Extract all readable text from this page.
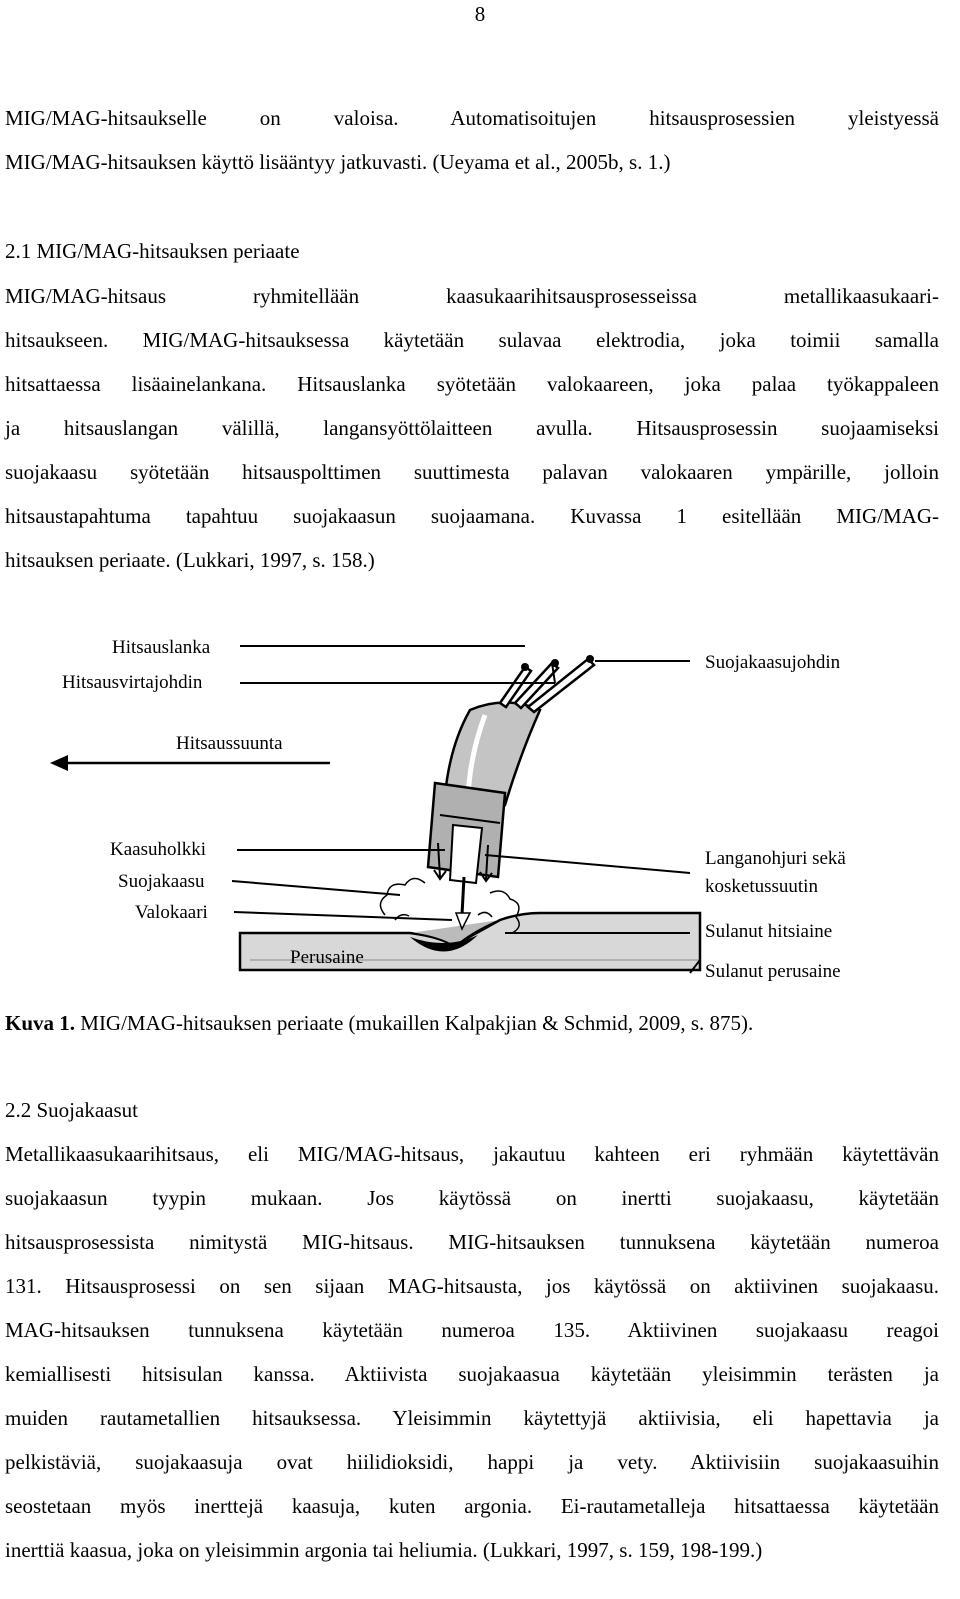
8
MIG/MAG-hitsaukselle on valoisa. Automatisoitujen hitsausprosessien yleistyessä
MIG/MAG-hitsauksen käyttö lisääntyy jatkuvasti. (Ueyama et al., 2005b, s. 1.)
2.1 MIG/MAG-hitsauksen periaate
MIG/MAG-hitsaus ryhmitellään kaasukaarihitsausprosesseissa metallikaasukaari-
hitsaukseen. MIG/MAG-hitsauksessa käytetään sulavaa elektrodia, joka toimii samalla
hitsattaessa lisäainelankana. Hitsauslanka syötetään valokaareen, joka palaa työkappaleen
ja hitsauslangan välillä, langansyöttölaitteen avulla. Hitsausprosessin suojaamiseksi
suojakaasu syötetään hitsauspolttimen suuttimesta palavan valokaaren ympärille, jolloin
hitsaustapahtuma tapahtuu suojakaasun suojaamana. Kuvassa 1 esitellään MIG/MAG-
hitsauksen periaate. (Lukkari, 1997, s. 158.)
Hitsauslanka
Hitsausvirtajohdin
Hitsaussuunta
Kaasuholkki
Suojakaasu
Valokaari
Perusaine
Suojakaasujohdin
Langanohjuri sekä
kosketussuutin
Sulanut hitsiaine
Sulanut perusaine
Kuva 1. MIG/MAG-hitsauksen periaate (mukaillen Kalpakjian & Schmid, 2009, s. 875).
2.2 Suojakaasut
Metallikaasukaarihitsaus, eli MIG/MAG-hitsaus, jakautuu kahteen eri ryhmään käytettävän
suojakaasun tyypin mukaan. Jos käytössä on inertti suojakaasu, käytetään
hitsausprosessista nimitystä MIG-hitsaus. MIG-hitsauksen tunnuksena käytetään numeroa
131. Hitsausprosessi on sen sijaan MAG-hitsausta, jos käytössä on aktiivinen suojakaasu.
MAG-hitsauksen tunnuksena käytetään numeroa 135. Aktiivinen suojakaasu reagoi
kemiallisesti hitsisulan kanssa. Aktiivista suojakaasua käytetään yleisimmin terästen ja
muiden rautametallien hitsauksessa. Yleisimmin käytettyjä aktiivisia, eli hapettavia ja
pelkistäviä, suojakaasuja ovat hiilidioksidi, happi ja vety. Aktiivisiin suojakaasuihin
seostetaan myös inerttejä kaasuja, kuten argonia. Ei-rautametalleja hitsattaessa käytetään
inerttiä kaasua, joka on yleisimmin argonia tai heliumia. (Lukkari, 1997, s. 159, 198-199.)
